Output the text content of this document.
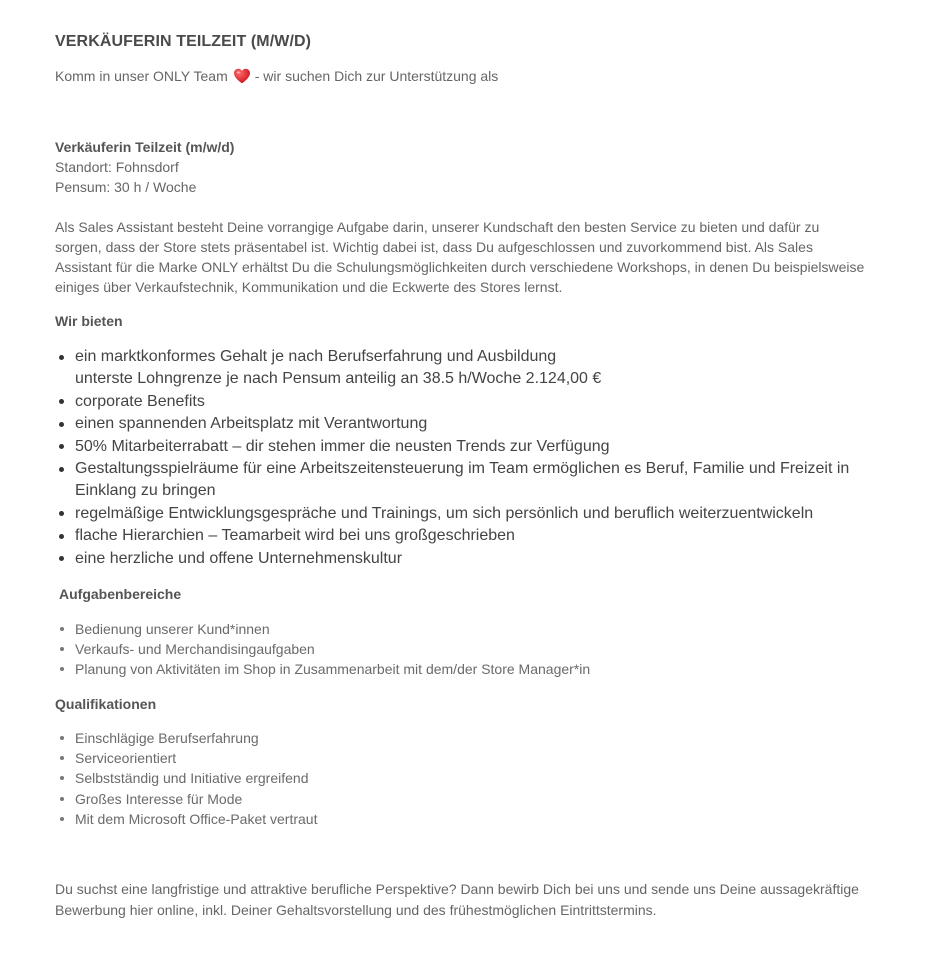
VERKÄUFERIN TEILZEIT (M/W/D)
Komm in unser ONLY Team - wir suchen Dich zur Unterstützung als
Verkäuferin Teilzeit (m/w/d)
Standort: Fohnsdorf
Pensum: 30 h / Woche

Als Sales Assistant besteht Deine vorrangige Aufgabe darin, unserer Kundschaft den besten Service zu bieten und dafür zu sorgen, dass der Store stets präsentabel ist. Wichtig dabei ist, dass Du aufgeschlossen und zuvorkommend bist. Als Sales Assistant für die Marke ONLY erhältst Du die Schulungsmöglichkeiten durch verschiedene Workshops, in denen Du beispielsweise einiges über Verkaufstechnik, Kommunikation und die Eckwerte des Stores lernst.

Wir bieten
ein marktkonformes Gehalt je nach Berufserfahrung und Ausbildung
unterste Lohngrenze je nach Pensum anteilig an 38.5 h/Woche 2.124,00 €
corporate Benefits
einen spannenden Arbeitsplatz mit Verantwortung
50% Mitarbeiterrabatt – dir stehen immer die neusten Trends zur Verfügung
Gestaltungsspielräume für eine Arbeitszeitensteuerung im Team ermöglichen es Beruf, Familie und Freizeit in Einklang zu bringen
regelmäßige Entwicklungsgespräche und Trainings, um sich persönlich und beruflich weiterzuentwickeln
flache Hierarchien – Teamarbeit wird bei uns großgeschrieben
eine herzliche und offene Unternehmenskultur
Aufgabenbereiche
Bedienung unserer Kund*innen
Verkaufs- und Merchandisingaufgaben
Planung von Aktivitäten im Shop in Zusammenarbeit mit dem/der Store Manager*in
Qualifikationen
Einschlägige Berufserfahrung
Serviceorientiert
Selbstständig und Initiative ergreifend
Großes Interesse für Mode
Mit dem Microsoft Office-Paket vertraut

Du suchst eine langfristige und attraktive berufliche Perspektive? Dann bewirb Dich bei uns und sende uns Deine aussagekräftige Bewerbung hier online, inkl. Deiner Gehaltsvorstellung und des frühestmöglichen Eintrittstermins.
